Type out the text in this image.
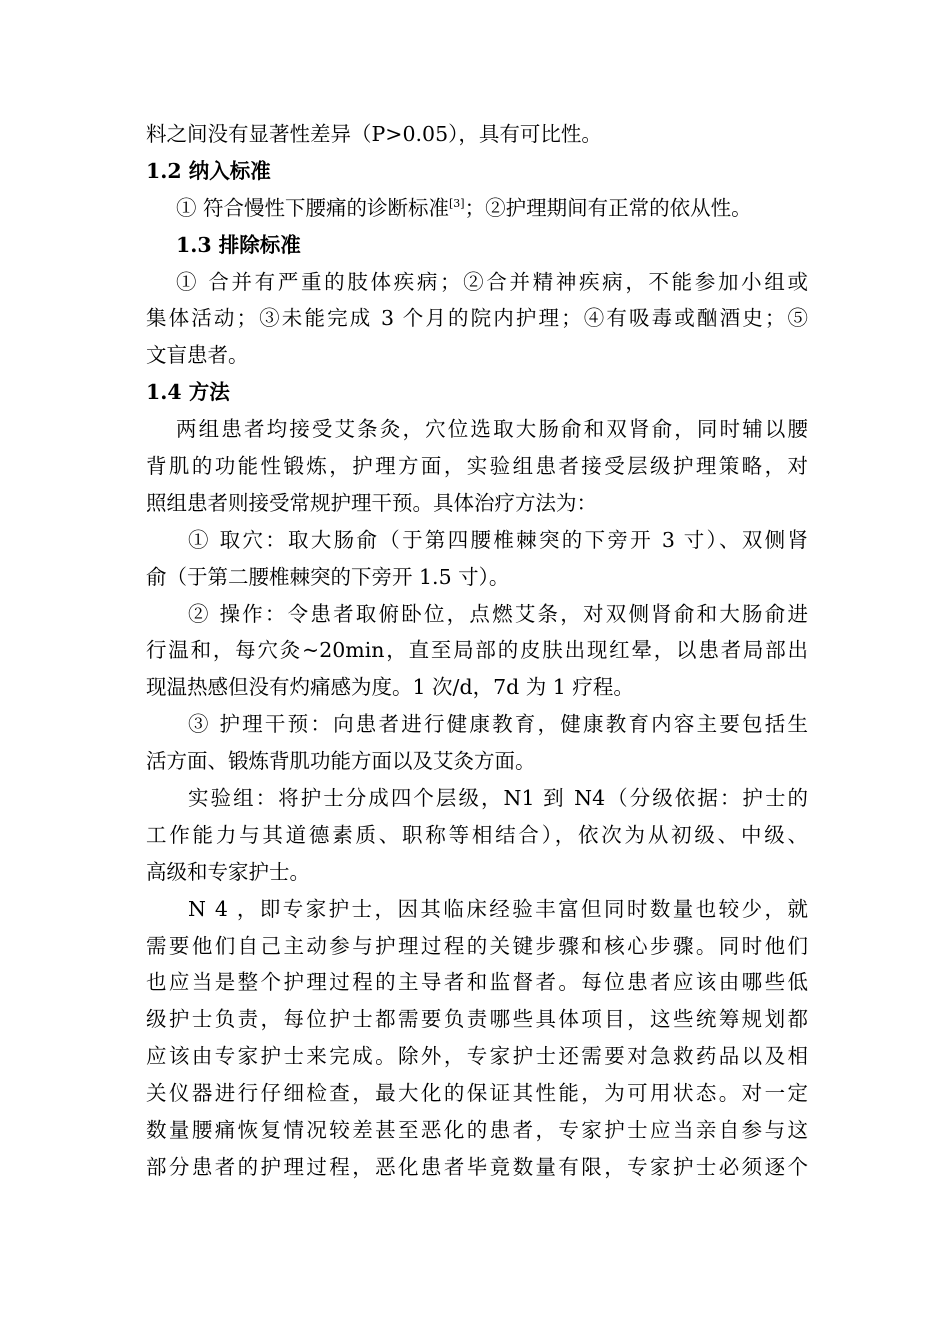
料之间没有显著性差异（P>0.05），具有可比性。
1.2 纳入标准
① 符合慢性下腰痛的诊断标准[3]；②护理期间有正常的依从性。
1.3 排除标准
① 合并有严重的肢体疾病；②合并精神疾病，不能参加小组或
集体活动；③未能完成 3 个月的院内护理；④有吸毒或酗酒史；⑤
文盲患者。
1.4 方法
两组患者均接受艾条灸，穴位选取大肠俞和双肾俞，同时辅以腰
背肌的功能性锻炼，护理方面，实验组患者接受层级护理策略，对
照组患者则接受常规护理干预。具体治疗方法为：
① 取穴：取大肠俞（于第四腰椎棘突的下旁开 3 寸）、双侧肾
俞（于第二腰椎棘突的下旁开 1.5 寸）。
② 操作：令患者取俯卧位，点燃艾条，对双侧肾俞和大肠俞进
行温和，每穴灸~20min，直至局部的皮肤出现红晕，以患者局部出
现温热感但没有灼痛感为度。1 次/d，7d 为 1 疗程。
③ 护理干预：向患者进行健康教育，健康教育内容主要包括生
活方面、锻炼背肌功能方面以及艾灸方面。
实验组：将护士分成四个层级，N1 到 N4（分级依据：护士的
工作能力与其道德素质、职称等相结合），依次为从初级、中级、
高级和专家护士。
N 4 ，即专家护士，因其临床经验丰富但同时数量也较少，就
需要他们自己主动参与护理过程的关键步骤和核心步骤。同时他们
也应当是整个护理过程的主导者和监督者。每位患者应该由哪些低
级护士负责，每位护士都需要负责哪些具体项目，这些统筹规划都
应该由专家护士来完成。除外，专家护士还需要对急救药品以及相
关仪器进行仔细检查，最大化的保证其性能，为可用状态。对一定
数量腰痛恢复情况较差甚至恶化的患者，专家护士应当亲自参与这
部分患者的护理过程，恶化患者毕竟数量有限，专家护士必须逐个
